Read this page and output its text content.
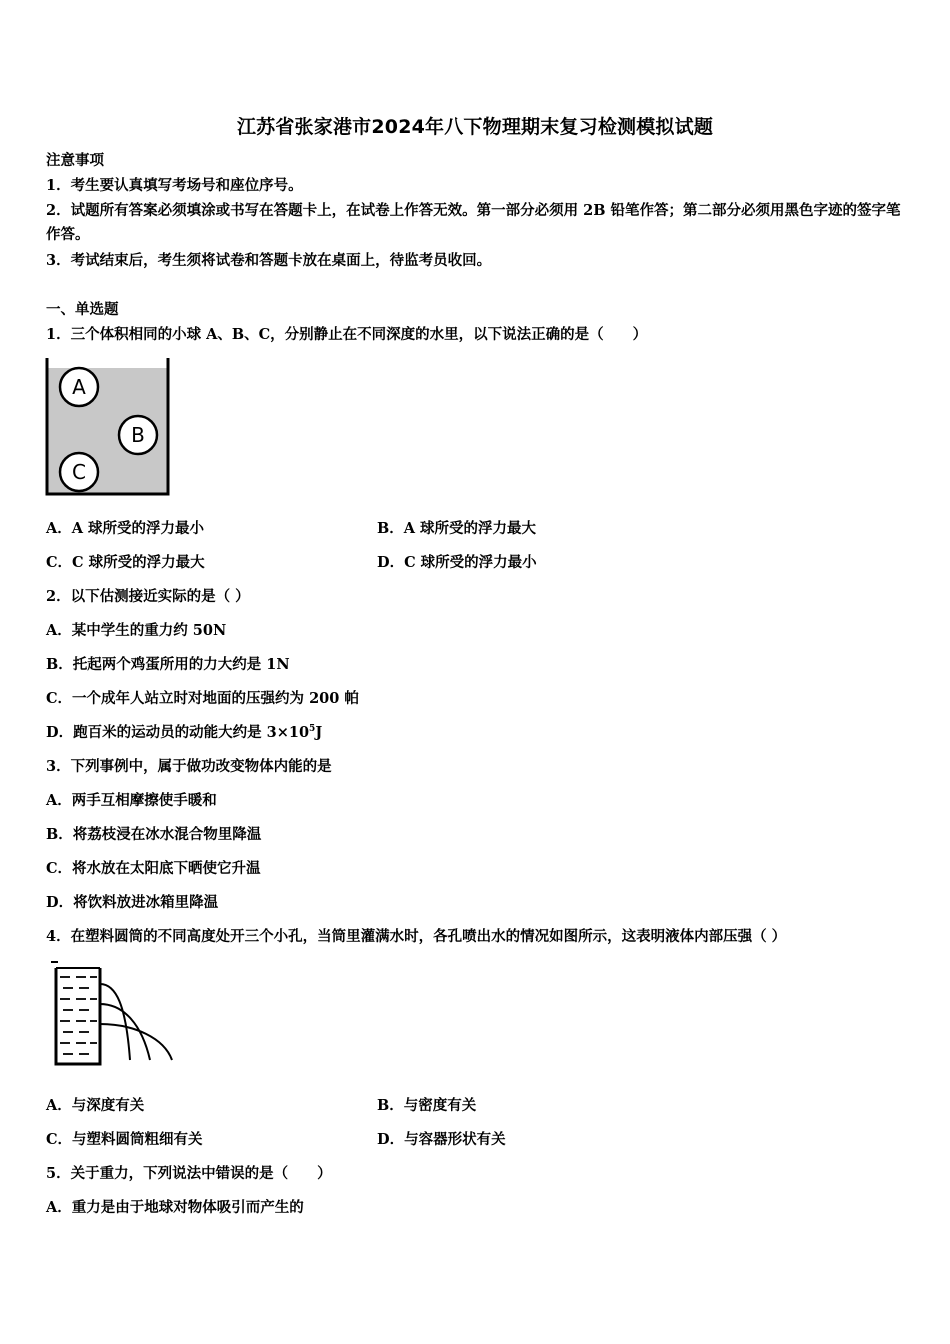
江苏省张家港市2024年八下物理期末复习检测模拟试题
注意事项
1．考生要认真填写考场号和座位序号。
2．试题所有答案必须填涂或书写在答题卡上，在试卷上作答无效。第一部分必须用 2B 铅笔作答；第二部分必须用黑色字迹的签字笔作答。
3．考试结束后，考生须将试卷和答题卡放在桌面上，待监考员收回。
一、单选题
1．三个体积相同的小球 A、B、C，分别静止在不同深度的水里，以下说法正确的是（　　）
A
B
C
A．A 球所受的浮力最小	B．A 球所受的浮力最大
C．C 球所受的浮力最大	D．C 球所受的浮力最小
2．以下估测接近实际的是（ ）
A．某中学生的重力约 50N
B．托起两个鸡蛋所用的力大约是 1N
C．一个成年人站立时对地面的压强约为 200 帕
D．跑百米的运动员的动能大约是 $3\times 10^5J$
3．下列事例中，属于做功改变物体内能的是
A．两手互相摩擦使手暖和
B．将荔枝浸在冰水混合物里降温
C．将水放在太阳底下晒使它升温
D．将饮料放进冰箱里降温
4．在塑料圆筒的不同高度处开三个小孔，当筒里灌满水时，各孔喷出水的情况如图所示，这表明液体内部压强（ ）
A．与深度有关	B．与密度有关
C．与塑料圆筒粗细有关	D．与容器形状有关
5．关于重力，下列说法中错误的是（　　）
A．重力是由于地球对物体吸引而产生的
